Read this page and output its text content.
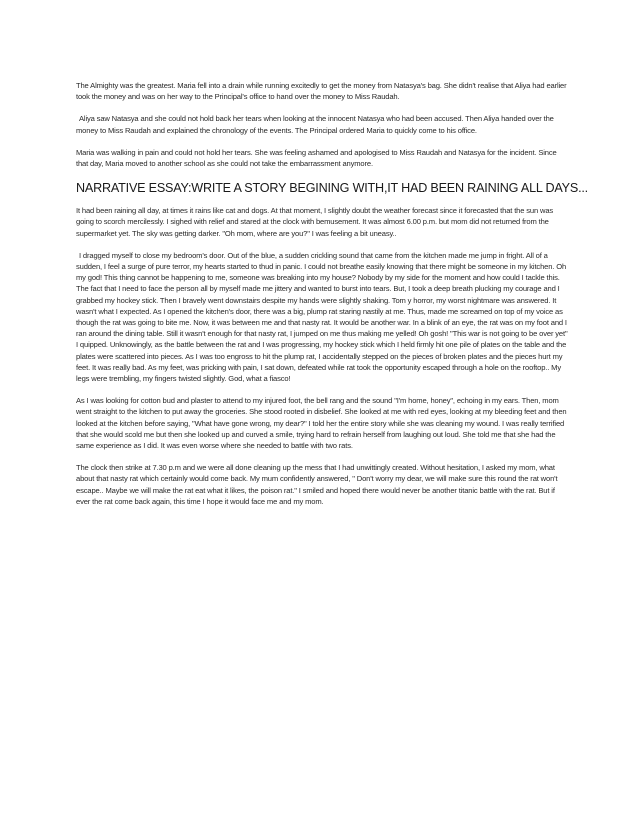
The Almighty was the greatest. Maria fell into a drain while running excitedly to get the money from Natasya's bag. She didn't realise that Aliya had earlier took the money and was on her way to the Principal's office to hand over the money to Miss Raudah.

Aliya saw Natasya and she could not hold back her tears when looking at the innocent Natasya who had been accused. Then Aliya handed over the money to Miss Raudah and explained the chronology of the events. The Principal ordered Maria to quickly come to his office.

Maria was walking in pain and could not hold her tears. She was feeling ashamed and apologised to Miss Raudah and Natasya for the incident. Since that day, Maria moved to another school as she could not take the embarrassment anymore.

NARRATIVE ESSAY:WRITE A STORY BEGINING WITH,IT HAD BEEN RAINING ALL DAYS...

It had been raining all day, at times it rains like cat and dogs. At that moment, I slightly doubt the weather forecast since it forecasted that the sun was going to scorch mercilessly. I sighed with relief and stared at the clock with bemusement. It was almost 6.00 p.m. but mom did not returned from the supermarket yet. The sky was getting darker. "Oh mom, where are you?" I was feeling a bit uneasy..

I dragged myself to close my bedroom's door. Out of the blue, a sudden crickling sound that came from the kitchen made me jump in fright. All of a sudden, I feel a surge of pure terror, my hearts started to thud in panic. I could not breathe easily knowing that there might be someone in my kitchen. Oh my god! This thing cannot be happening to me, someone was breaking into my house? Nobody by my side for the moment and how could I tackle this. The fact that I need to face the person all by myself made me jittery and wanted to burst into tears. But, I took a deep breath plucking my courage and I grabbed my hockey stick. Then I bravely went downstairs despite my hands were slightly shaking. Tom y horror, my worst nightmare was answered. It wasn't what I expected. As I opened the kitchen's door, there was a big, plump rat staring nastily at me. Thus, made me screamed on top of my voice as though the rat was going to bite me. Now, it was between me and that nasty rat. It would be another war. In a blink of an eye, the rat was on my foot and I ran around the dining table. Still it wasn't enough for that nasty rat, I jumped on me thus making me yelled! Oh gosh! "This war is not going to be over yet" I quipped. Unknowingly, as the battle between the rat and I was progressing, my hockey stick which I held firmly hit one pile of plates on the table and the plates were scattered into pieces. As I was too engross to hit the plump rat, I accidentally stepped on the pieces of broken plates and the pieces hurt my feet. It was really bad. As my feet, was pricking with pain, I sat down, defeated while rat took the opportunity escaped through a hole on the rooftop.. My legs were trembling, my fingers twisted slightly. God, what a fiasco!

As I was looking for cotton bud and plaster to attend to my injured foot, the bell rang and the sound "I'm home, honey", echoing in my ears. Then, mom went straight to the kitchen to put away the groceries. She stood rooted in disbelief. She looked at me with red eyes, looking at my bleeding feet and then looked at the kitchen before saying, "What have gone wrong, my dear?" I told her the entire story while she was cleaning my wound. I was really terrified that she would scold me but then she looked up and curved a smile, trying hard to refrain herself from laughing out loud. She told me that she had the same experience as I did. It was even worse where she needed to battle with two rats.

The clock then strike at 7.30 p.m and we were all done cleaning up the mess that I had unwittingly created. Without hesitation, I asked my mom, what about that nasty rat which certainly would come back. My mum confidently answered, " Don't worry my dear, we will make sure this round the rat won't escape.. Maybe we will make the rat eat what it likes, the poison rat." I smiled and hoped there would never be another titanic battle with the rat. But if ever the rat come back again, this time I hope it would face me and my mom.
